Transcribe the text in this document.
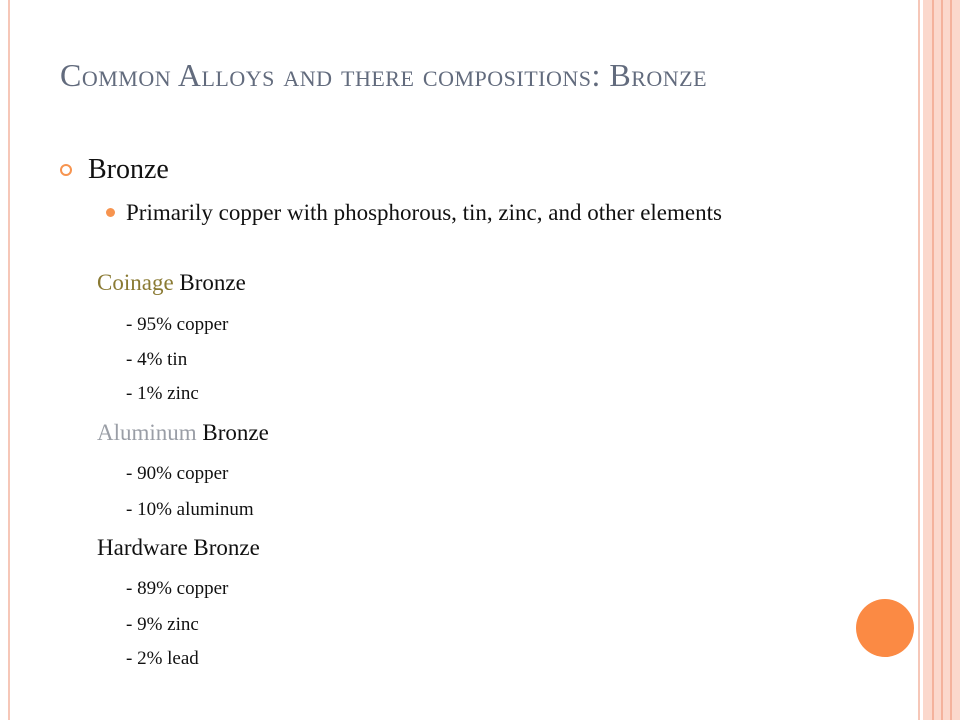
Common Alloys and there compositions: Bronze
Bronze
Primarily copper with phosphorous, tin, zinc, and other elements
Coinage Bronze
- 95% copper
- 4% tin
- 1% zinc
Aluminum Bronze
- 90% copper
- 10% aluminum
Hardware Bronze
- 89% copper
- 9% zinc
- 2% lead
